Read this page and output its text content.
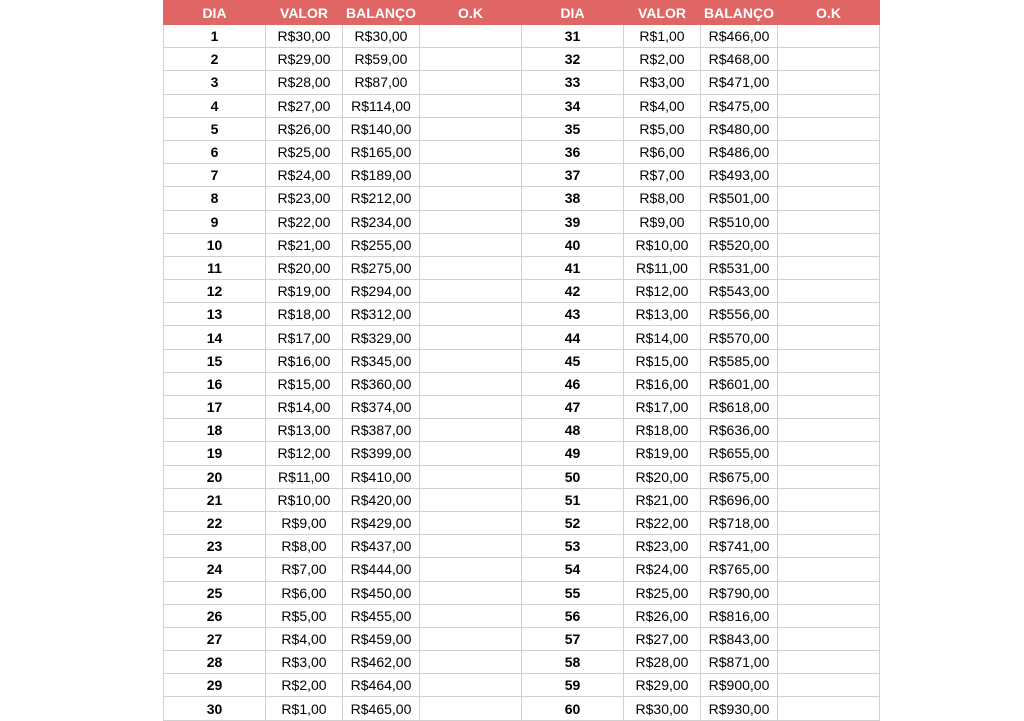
DIA	VALOR	BALANÇO	O.K	DIA	VALOR	BALANÇO	O.K
1	R$30,00	R$30,00		31	R$1,00	R$466,00	
2	R$29,00	R$59,00		32	R$2,00	R$468,00	
3	R$28,00	R$87,00		33	R$3,00	R$471,00	
4	R$27,00	R$114,00		34	R$4,00	R$475,00	
5	R$26,00	R$140,00		35	R$5,00	R$480,00	
6	R$25,00	R$165,00		36	R$6,00	R$486,00	
7	R$24,00	R$189,00		37	R$7,00	R$493,00	
8	R$23,00	R$212,00		38	R$8,00	R$501,00	
9	R$22,00	R$234,00		39	R$9,00	R$510,00	
10	R$21,00	R$255,00		40	R$10,00	R$520,00	
11	R$20,00	R$275,00		41	R$11,00	R$531,00	
12	R$19,00	R$294,00		42	R$12,00	R$543,00	
13	R$18,00	R$312,00		43	R$13,00	R$556,00	
14	R$17,00	R$329,00		44	R$14,00	R$570,00	
15	R$16,00	R$345,00		45	R$15,00	R$585,00	
16	R$15,00	R$360,00		46	R$16,00	R$601,00	
17	R$14,00	R$374,00		47	R$17,00	R$618,00	
18	R$13,00	R$387,00		48	R$18,00	R$636,00	
19	R$12,00	R$399,00		49	R$19,00	R$655,00	
20	R$11,00	R$410,00		50	R$20,00	R$675,00	
21	R$10,00	R$420,00		51	R$21,00	R$696,00	
22	R$9,00	R$429,00		52	R$22,00	R$718,00	
23	R$8,00	R$437,00		53	R$23,00	R$741,00	
24	R$7,00	R$444,00		54	R$24,00	R$765,00	
25	R$6,00	R$450,00		55	R$25,00	R$790,00	
26	R$5,00	R$455,00		56	R$26,00	R$816,00	
27	R$4,00	R$459,00		57	R$27,00	R$843,00	
28	R$3,00	R$462,00		58	R$28,00	R$871,00	
29	R$2,00	R$464,00		59	R$29,00	R$900,00	
30	R$1,00	R$465,00		60	R$30,00	R$930,00	
